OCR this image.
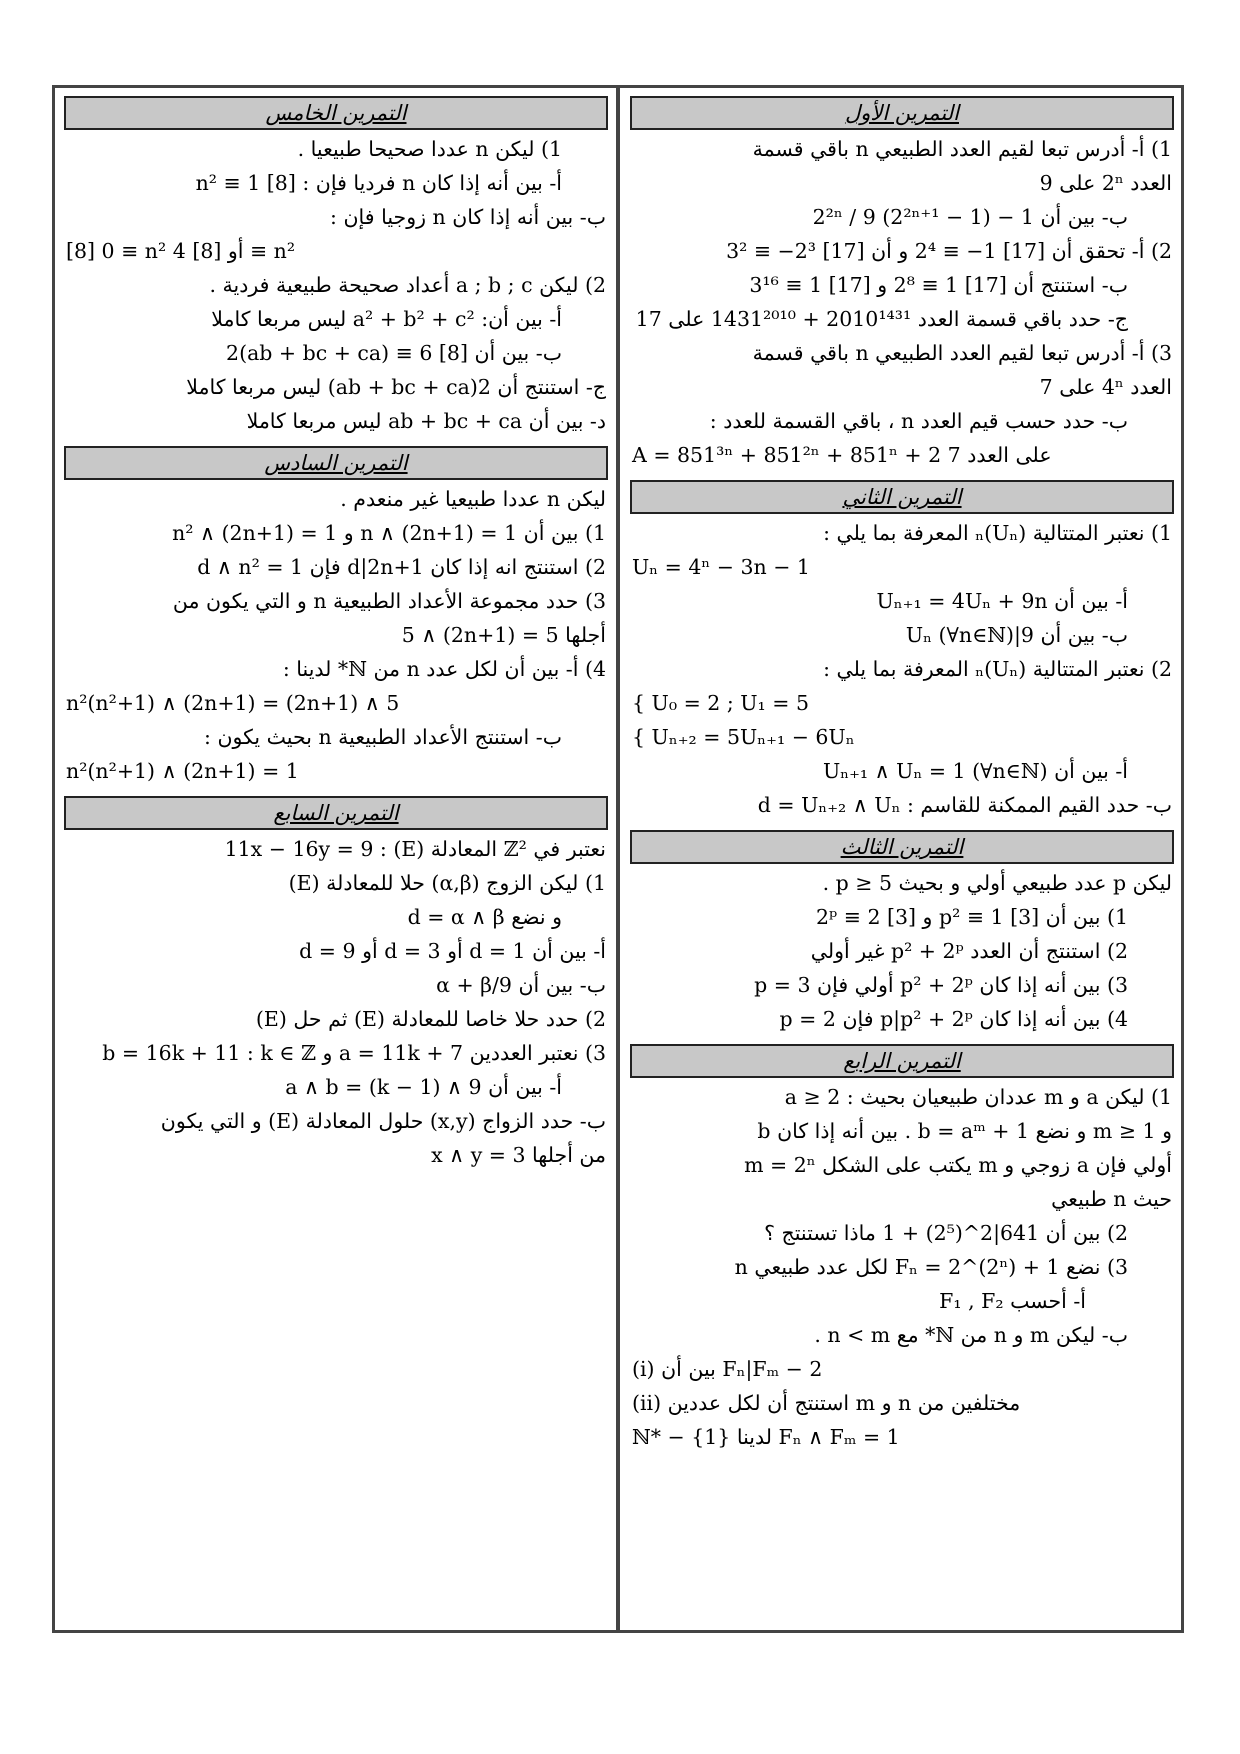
التمرين الأول
1) أ- أدرس تبعا لقيم العدد الطبيعي n باقي قسمة
العدد 2ⁿ على 9
ب- بين أن 1 − (2²ⁿ⁺¹ − 1) 2²ⁿ / 9
2) أ- تحقق أن [17] 1− ≡ 2⁴ و أن [17] 2³− ≡ 3²
ب- استنتج أن [17] 1 ≡ 2⁸ و [17] 1 ≡ 3¹⁶
ج- حدد باقي قسمة العدد 2010¹⁴³¹ + 1431²⁰¹⁰ على 17
3) أ- أدرس تبعا لقيم العدد الطبيعي n باقي قسمة
العدد 4ⁿ على 7
ب- حدد حسب قيم العدد n ، باقي القسمة للعدد :
A = 851³ⁿ + 851²ⁿ + 851ⁿ + 2 على العدد 7
التمرين الثاني
1) نعتبر المتتالية (Uₙ)ₙ المعرفة بما يلي :
Uₙ = 4ⁿ − 3n − 1
أ- بين أن Uₙ₊₁ = 4Uₙ + 9n
ب- بين أن 9|Uₙ (∀n∈ℕ)
2) نعتبر المتتالية (Uₙ)ₙ المعرفة بما يلي :
{ U₀ = 2 ; U₁ = 5
{ Uₙ₊₂ = 5Uₙ₊₁ − 6Uₙ
أ- بين أن Uₙ₊₁ ∧ Uₙ = 1 (∀n∈ℕ)
ب- حدد القيم الممكنة للقاسم : d = Uₙ₊₂ ∧ Uₙ
التمرين الثالث
ليكن p عدد طبيعي أولي و بحيث p ≥ 5 .
1) بين أن [3] 1 ≡ p² و [3] 2 ≡ 2ᵖ
2) استنتج أن العدد p² + 2ᵖ غير أولي
3) بين أنه إذا كان p² + 2ᵖ أولي فإن p = 3
4) بين أنه إذا كان p|p² + 2ᵖ فإن p = 2
التمرين الرابع
1) ليكن a و m عددان طبيعيان بحيث : a ≥ 2
و m ≥ 1 و نضع b = aᵐ + 1 . بين أنه إذا كان b
أولي فإن a زوجي و m يكتب على الشكل m = 2ⁿ
حيث n طبيعي
2) بين أن 641|2^(2⁵) + 1 ماذا تستنتج ؟
3) نضع Fₙ = 2^(2ⁿ) + 1 لكل عدد طبيعي n
أ- أحسب F₁ , F₂
ب- ليكن m و n من ℕ* مع n < m .
(i) بين أن Fₙ|Fₘ − 2
(ii) استنتج أن لكل عددين m و n مختلفين من
ℕ* − {1} لدينا Fₙ ∧ Fₘ = 1
التمرين الخامس
1) ليكن n عددا صحيحا طبيعيا .
أ- بين أنه إذا كان n فرديا فإن : [8] 1 ≡ n²
ب- بين أنه إذا كان n زوجيا فإن :
[8] 0 ≡ n² أو [8] 4 ≡ n²
2) ليكن a ; b ; c أعداد صحيحة طبيعية فردية .
أ- بين أن: a² + b² + c² ليس مربعا كاملا
ب- بين أن [8] 6 ≡ (ab + bc + ca)2
ج- استنتج أن 2(ab + bc + ca) ليس مربعا كاملا
د- بين أن ab + bc + ca ليس مربعا كاملا
التمرين السادس
ليكن n عددا طبيعيا غير منعدم .
1) بين أن n ∧ (2n+1) = 1 و n² ∧ (2n+1) = 1
2) استنتج انه إذا كان d|2n+1 فإن d ∧ n² = 1
3) حدد مجموعة الأعداد الطبيعية n و التي يكون من
أجلها 5 = (2n+1) ∧ 5
4) أ- بين أن لكل عدد n من ℕ* لدينا :
n²(n²+1) ∧ (2n+1) = (2n+1) ∧ 5
ب- استنتج الأعداد الطبيعية n بحيث يكون :
n²(n²+1) ∧ (2n+1) = 1
التمرين السابع
نعتبر في ℤ² المعادلة (E) : 11x − 16y = 9
1) ليكن الزوج (α,β) حلا للمعادلة (E)
و نضع d = α ∧ β
أ- بين أن d = 1 أو d = 3 أو d = 9
ب- بين أن 9/α + β
2) حدد حلا خاصا للمعادلة (E) ثم حل (E)
3) نعتبر العددين a = 11k + 7 و b = 16k + 11 : k ∈ ℤ
أ- بين أن a ∧ b = (k − 1) ∧ 9
ب- حدد الزواج (x,y) حلول المعادلة (E) و التي يكون
من أجلها x ∧ y = 3
